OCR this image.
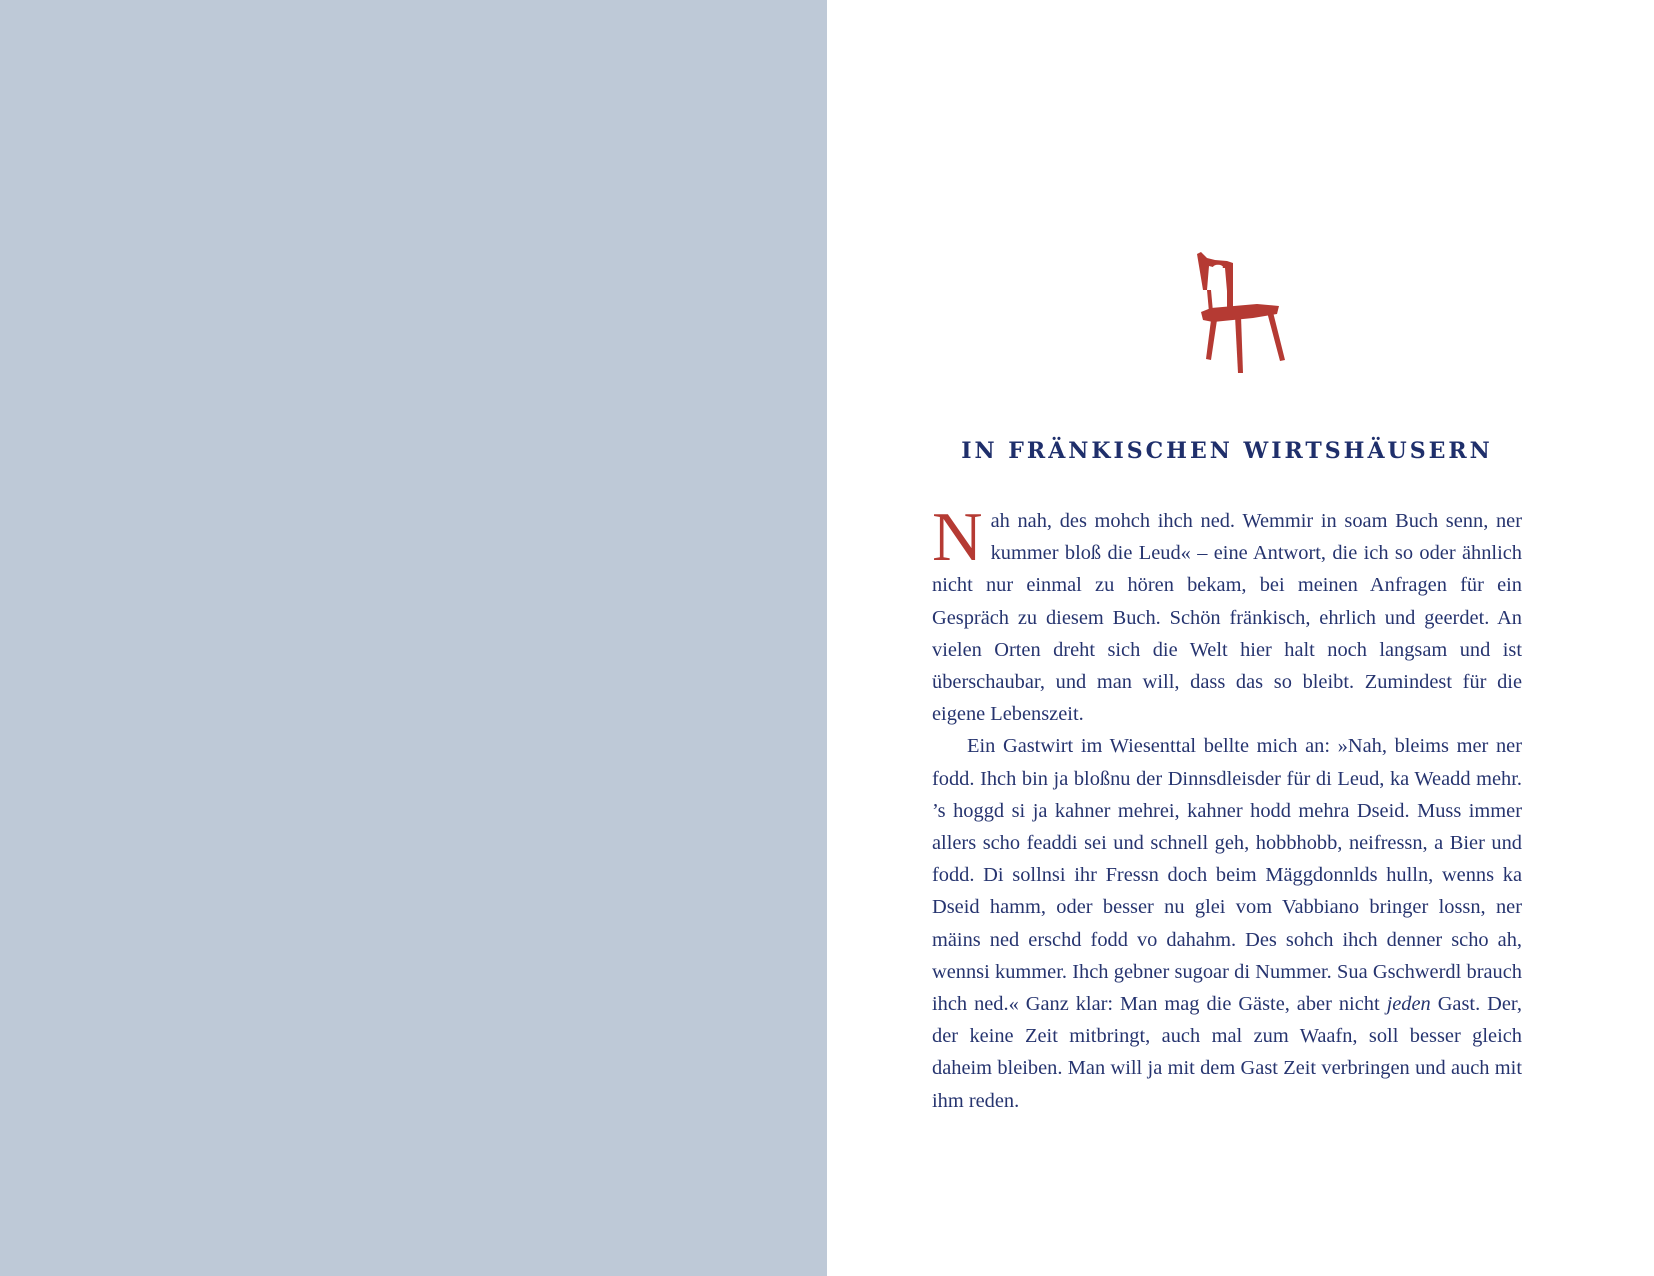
IN FRÄNKISCHEN WIRTSHÄUSERN

Nah nah, des mohch ihch ned. Wemmir in soam Buch senn, ner kummer bloß die Leud« – eine Antwort, die ich so oder ähnlich nicht nur einmal zu hören bekam, bei meinen Anfragen für ein Gespräch zu diesem Buch. Schön fränkisch, ehrlich und geerdet. An vielen Orten dreht sich die Welt hier halt noch langsam und ist überschaubar, und man will, dass das so bleibt. Zumindest für die eigene Lebenszeit.

Ein Gastwirt im Wiesenttal bellte mich an: »Nah, bleims mer ner fodd. Ihch bin ja bloßnu der Dinnsdleisder für di Leud, ka Weadd mehr. ’s hoggd si ja kahner mehrei, kahner hodd mehra Dseid. Muss immer allers scho feaddi sei und schnell geh, hobbhobb, neifressn, a Bier und fodd. Di sollnsi ihr Fressn doch beim Mäggdonnlds hulln, wenns ka Dseid hamm, oder besser nu glei vom Vabbiano bringer lossn, ner mäins ned erschd fodd vo dahahm. Des sohch ihch denner scho ah, wennsi kummer. Ihch gebner sugoar di Nummer. Sua Gschwerdl brauch ihch ned.« Ganz klar: Man mag die Gäste, aber nicht jeden Gast. Der, der keine Zeit mitbringt, auch mal zum Waafn, soll besser gleich daheim bleiben. Man will ja mit dem Gast Zeit verbringen und auch mit ihm reden.
